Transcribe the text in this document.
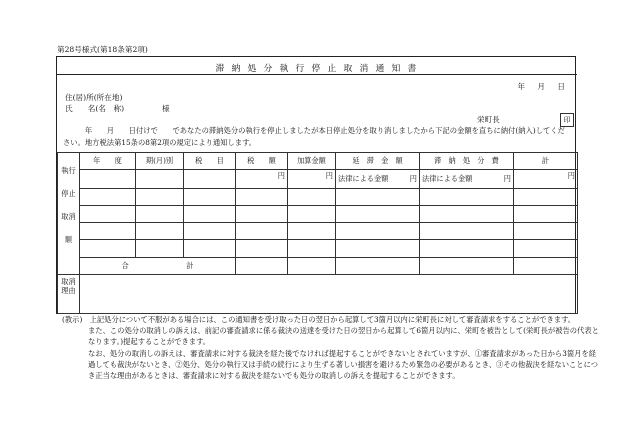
第28号様式(第18条第2項)
滞 納 処 分 執 行 停 止 取 消 通 知 書
年 月 日
住(居)所(所在地)
氏　　名(名　称)　　　　　様
栄町長	印
　　　年　　月　　日付けで　　であなたの滞納処分の執行を停止しましたが本日停止処分を取り消しましたから下記の金額を直ちに納付(納入)してください。地方税法第15条の8第2項の規定により通知します。
執行停止取消額	年　　度	期(月)別	税　　目	税　　額	加算金額	延　滞　金　額	滞　納　処　分　費	計
				円	円	法律による金額 円	法律による金額 円	円

	合　　　　　　　　計							
取消理由								

(教示)　 上記処分について不服がある場合には、この通知書を受け取った日の翌日から起算して3箇月以内に栄町長に対して審査請求をすることができます。

また、この処分の取消しの訴えは、前記の審査請求に係る裁決の送達を受けた日の翌日から起算して6箇月以内に、栄町を被告として(栄町長が被告の代表となります。)提起することができます。

なお、処分の取消しの訴えは、審査請求に対する裁決を経た後でなければ提起することができないとされていますが、①審査請求があった日から3箇月を経過しても裁決がないとき、②処分、処分の執行又は手続の続行により生ずる著しい損害を避けるため緊急の必要があるとき、③その他裁決を経ないことにつき正当な理由があるときは、審査請求に対する裁決を経ないでも処分の取消しの訴えを提起することができます。
